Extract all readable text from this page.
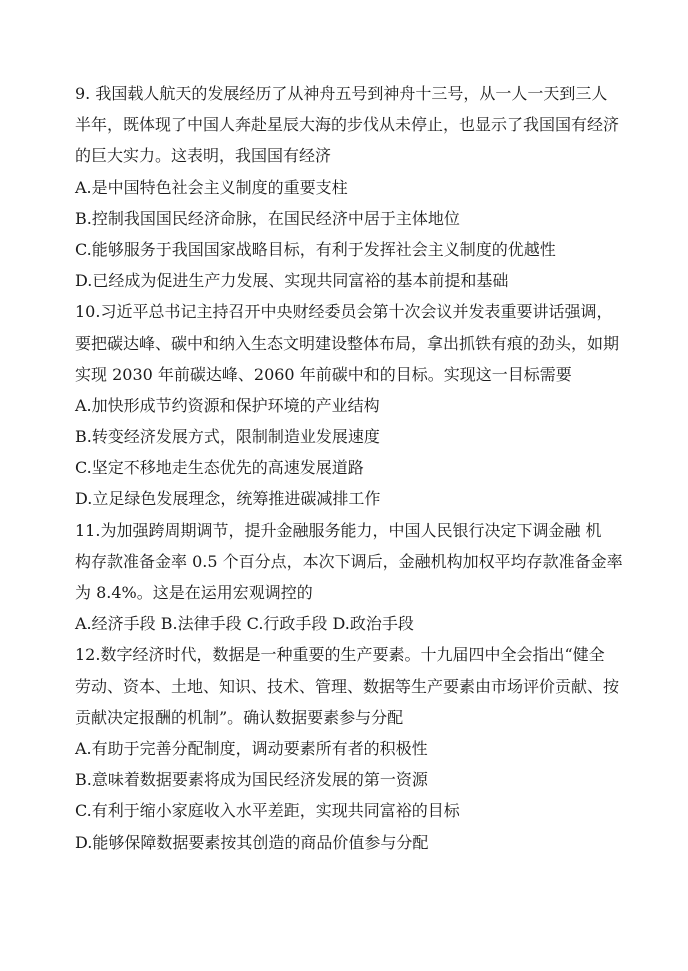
9. 我国载人航天的发展经历了从神舟五号到神舟十三号，从一人一天到三人
半年，既体现了中国人奔赴星辰大海的步伐从未停止，也显示了我国国有经济
的巨大实力。这表明，我国国有经济
A.是中国特色社会主义制度的重要支柱
B.控制我国国民经济命脉，在国民经济中居于主体地位
C.能够服务于我国国家战略目标，有利于发挥社会主义制度的优越性
D.已经成为促进生产力发展、实现共同富裕的基本前提和基础
10.习近平总书记主持召开中央财经委员会第十次会议并发表重要讲话强调，
要把碳达峰、碳中和纳入生态文明建设整体布局，拿出抓铁有痕的劲头，如期
实现 2030 年前碳达峰、2060 年前碳中和的目标。实现这一目标需要
A.加快形成节约资源和保护环境的产业结构
B.转变经济发展方式，限制制造业发展速度
C.坚定不移地走生态优先的高速发展道路
D.立足绿色发展理念，统筹推进碳减排工作
11.为加强跨周期调节，提升金融服务能力，中国人民银行决定下调金融 机
构存款准备金率 0.5 个百分点，本次下调后，金融机构加权平均存款准备金率
为 8.4%。这是在运用宏观调控的
A.经济手段 B.法律手段 C.行政手段 D.政治手段
12.数字经济时代，数据是一种重要的生产要素。十九届四中全会指出“健全
劳动、资本、土地、知识、技术、管理、数据等生产要素由市场评价贡献、按
贡献决定报酬的机制”。确认数据要素参与分配
A.有助于完善分配制度，调动要素所有者的积极性
B.意味着数据要素将成为国民经济发展的第一资源
C.有利于缩小家庭收入水平差距，实现共同富裕的目标
D.能够保障数据要素按其创造的商品价值参与分配
